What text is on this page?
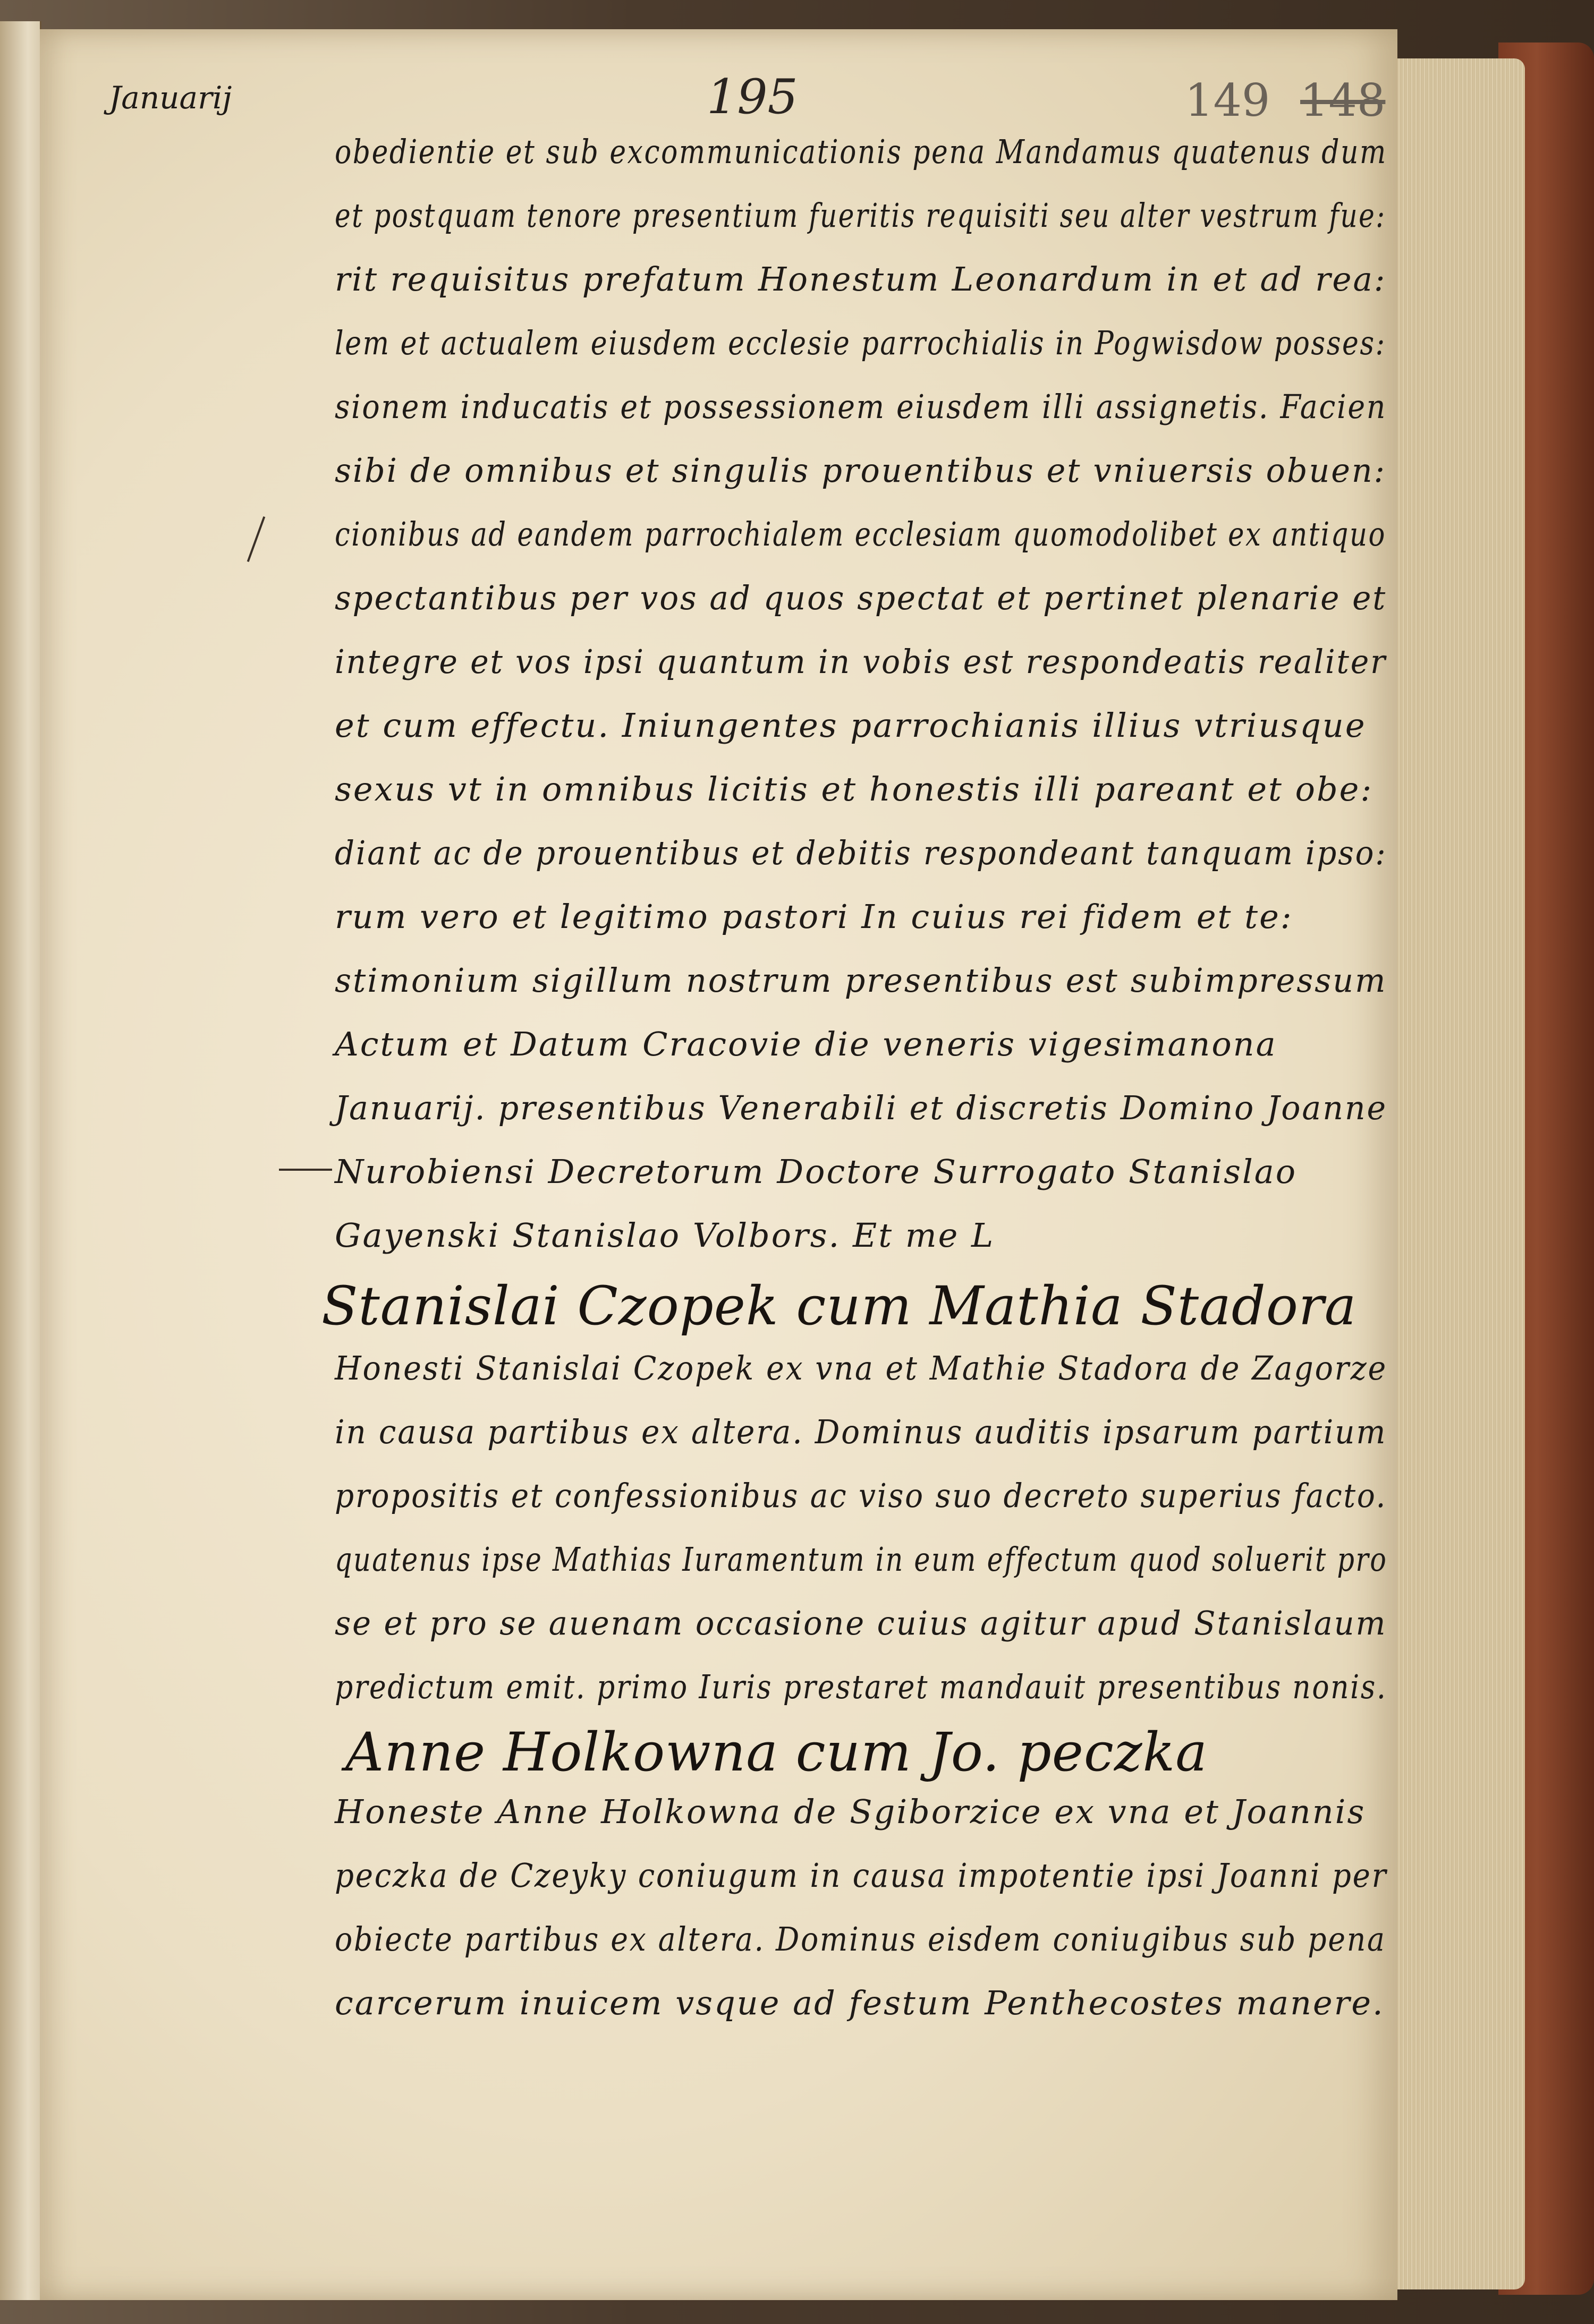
Januarij	195	149 148
obedientie et sub excommunicationis pena Mandamus quatenus dum
et postquam tenore presentium fueritis requisiti seu alter vestrum fue:
rit requisitus prefatum Honestum Leonardum in et ad rea:
lem et actualem eiusdem ecclesie parrochialis in Pogwisdow posses:
sionem inducatis et possessionem eiusdem illi assignetis. Facien
sibi de omnibus et singulis prouentibus et vniuersis obuen:
cionibus ad eandem parrochialem ecclesiam quomodolibet ex antiquo
spectantibus per vos ad quos spectat et pertinet plenarie et
integre et vos ipsi quantum in vobis est respondeatis realiter
et cum effectu. Iniungentes parrochianis illius vtriusque
sexus vt in omnibus licitis et honestis illi pareant et obe:
diant ac de prouentibus et debitis respondeant tanquam ipso:
rum vero et legitimo pastori In cuius rei fidem et te:
stimonium sigillum nostrum presentibus est subimpressum
Actum et Datum Cracovie die veneris vigesimanona
Januarij. presentibus Venerabili et discretis Domino Joanne
Nurobiensi Decretorum Doctore Surrogato Stanislao
Gayenski Stanislao Volbors. Et me L
Stanislai Czopek cum Mathia Stadora
Honesti Stanislai Czopek ex vna et Mathie Stadora de Zagorze
in causa partibus ex altera. Dominus auditis ipsarum partium
propositis et confessionibus ac viso suo decreto superius facto.
quatenus ipse Mathias Iuramentum in eum effectum quod soluerit pro
se et pro se auenam occasione cuius agitur apud Stanislaum
predictum emit. primo Iuris prestaret mandauit presentibus nonis.
Anne Holkowna cum Jo. peczka
Honeste Anne Holkowna de Sgiborzice ex vna et Joannis
peczka de Czeyky coniugum in causa impotentie ipsi Joanni per
obiecte partibus ex altera. Dominus eisdem coniugibus sub pena
carcerum inuicem vsque ad festum Penthecostes manere.
